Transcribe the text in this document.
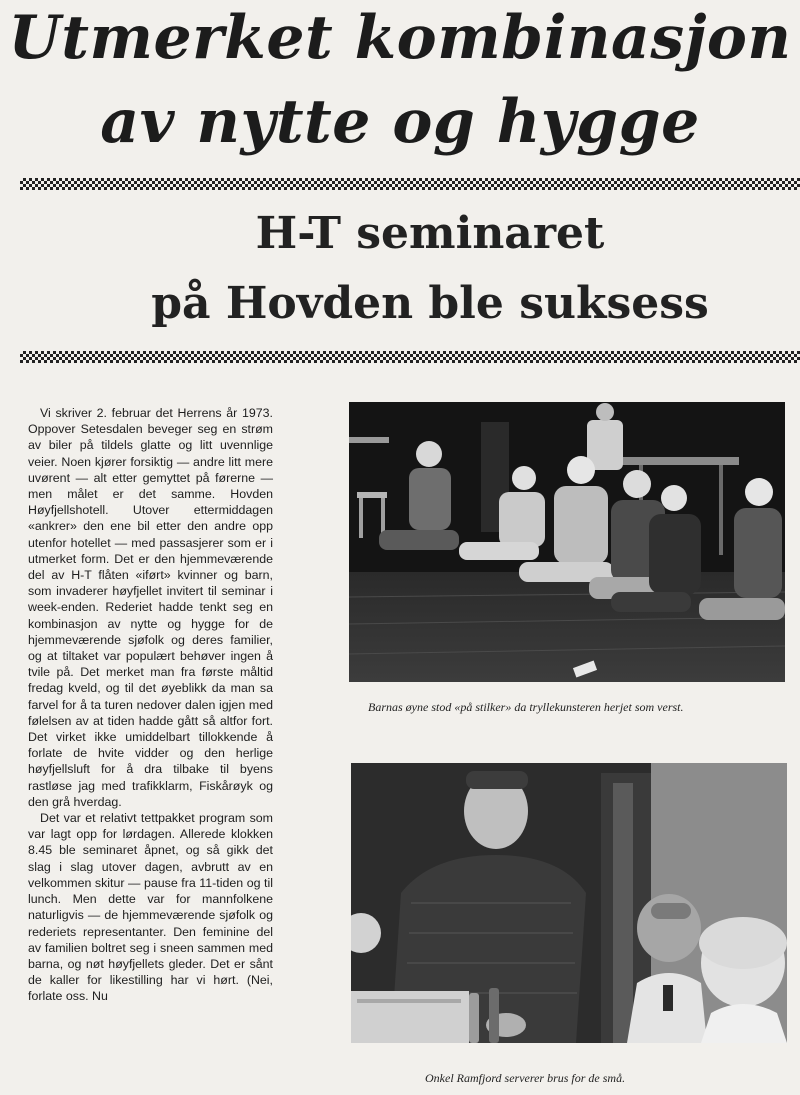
Utmerket kombinasjon
av nytte og hygge
H-T seminaret
på Hovden ble suksess

Vi skriver 2. februar det Herrens år 1973. Oppover Setesdalen beveger seg en strøm av biler på tildels glatte og litt uvennlige veier. Noen kjører forsiktig — andre litt mere uvørent — alt etter gemyttet på førerne — men målet er det samme. Hovden Høyfjellshotell. Utover ettermiddagen «ankrer» den ene bil etter den andre opp utenfor hotellet — med passasjerer som er i utmerket form. Det er den hjemmeværende del av H-T flåten «iført» kvinner og barn, som invaderer høyfjellet invitert til seminar i week-enden. Rederiet hadde tenkt seg en kombinasjon av nytte og hygge for de hjemmeværende sjøfolk og deres familier, og at tiltaket var populært behøver ingen å tvile på. Det merket man fra første måltid fredag kveld, og til det øyeblikk da man sa farvel for å ta turen nedover dalen igjen med følelsen av at tiden hadde gått så altfor fort. Det virket ikke umiddelbart tillokkende å forlate de hvite vidder og den herlige høyfjellsluft for å dra tilbake til byens rastløse jag med trafikklarm, Fiskårøyk og den grå hverdag.

Det var et relativt tettpakket program som var lagt opp for lørdagen. Allerede klokken 8.45 ble seminaret åpnet, og så gikk det slag i slag utover dagen, avbrutt av en velkommen skitur — pause fra 11-tiden og til lunch. Men dette var for mannfolkene naturligvis — de hjemmeværende sjøfolk og rederiets representanter. Den feminine del av familien boltret seg i sneen sammen med barna, og nøt høyfjellets gleder. Det er sånt de kaller for likestilling har vi hørt. (Nei, forlate oss. Nu

Barnas øyne stod «på stilker» da tryllekunsteren herjet som verst.
Onkel Ramfjord serverer brus for de små.
